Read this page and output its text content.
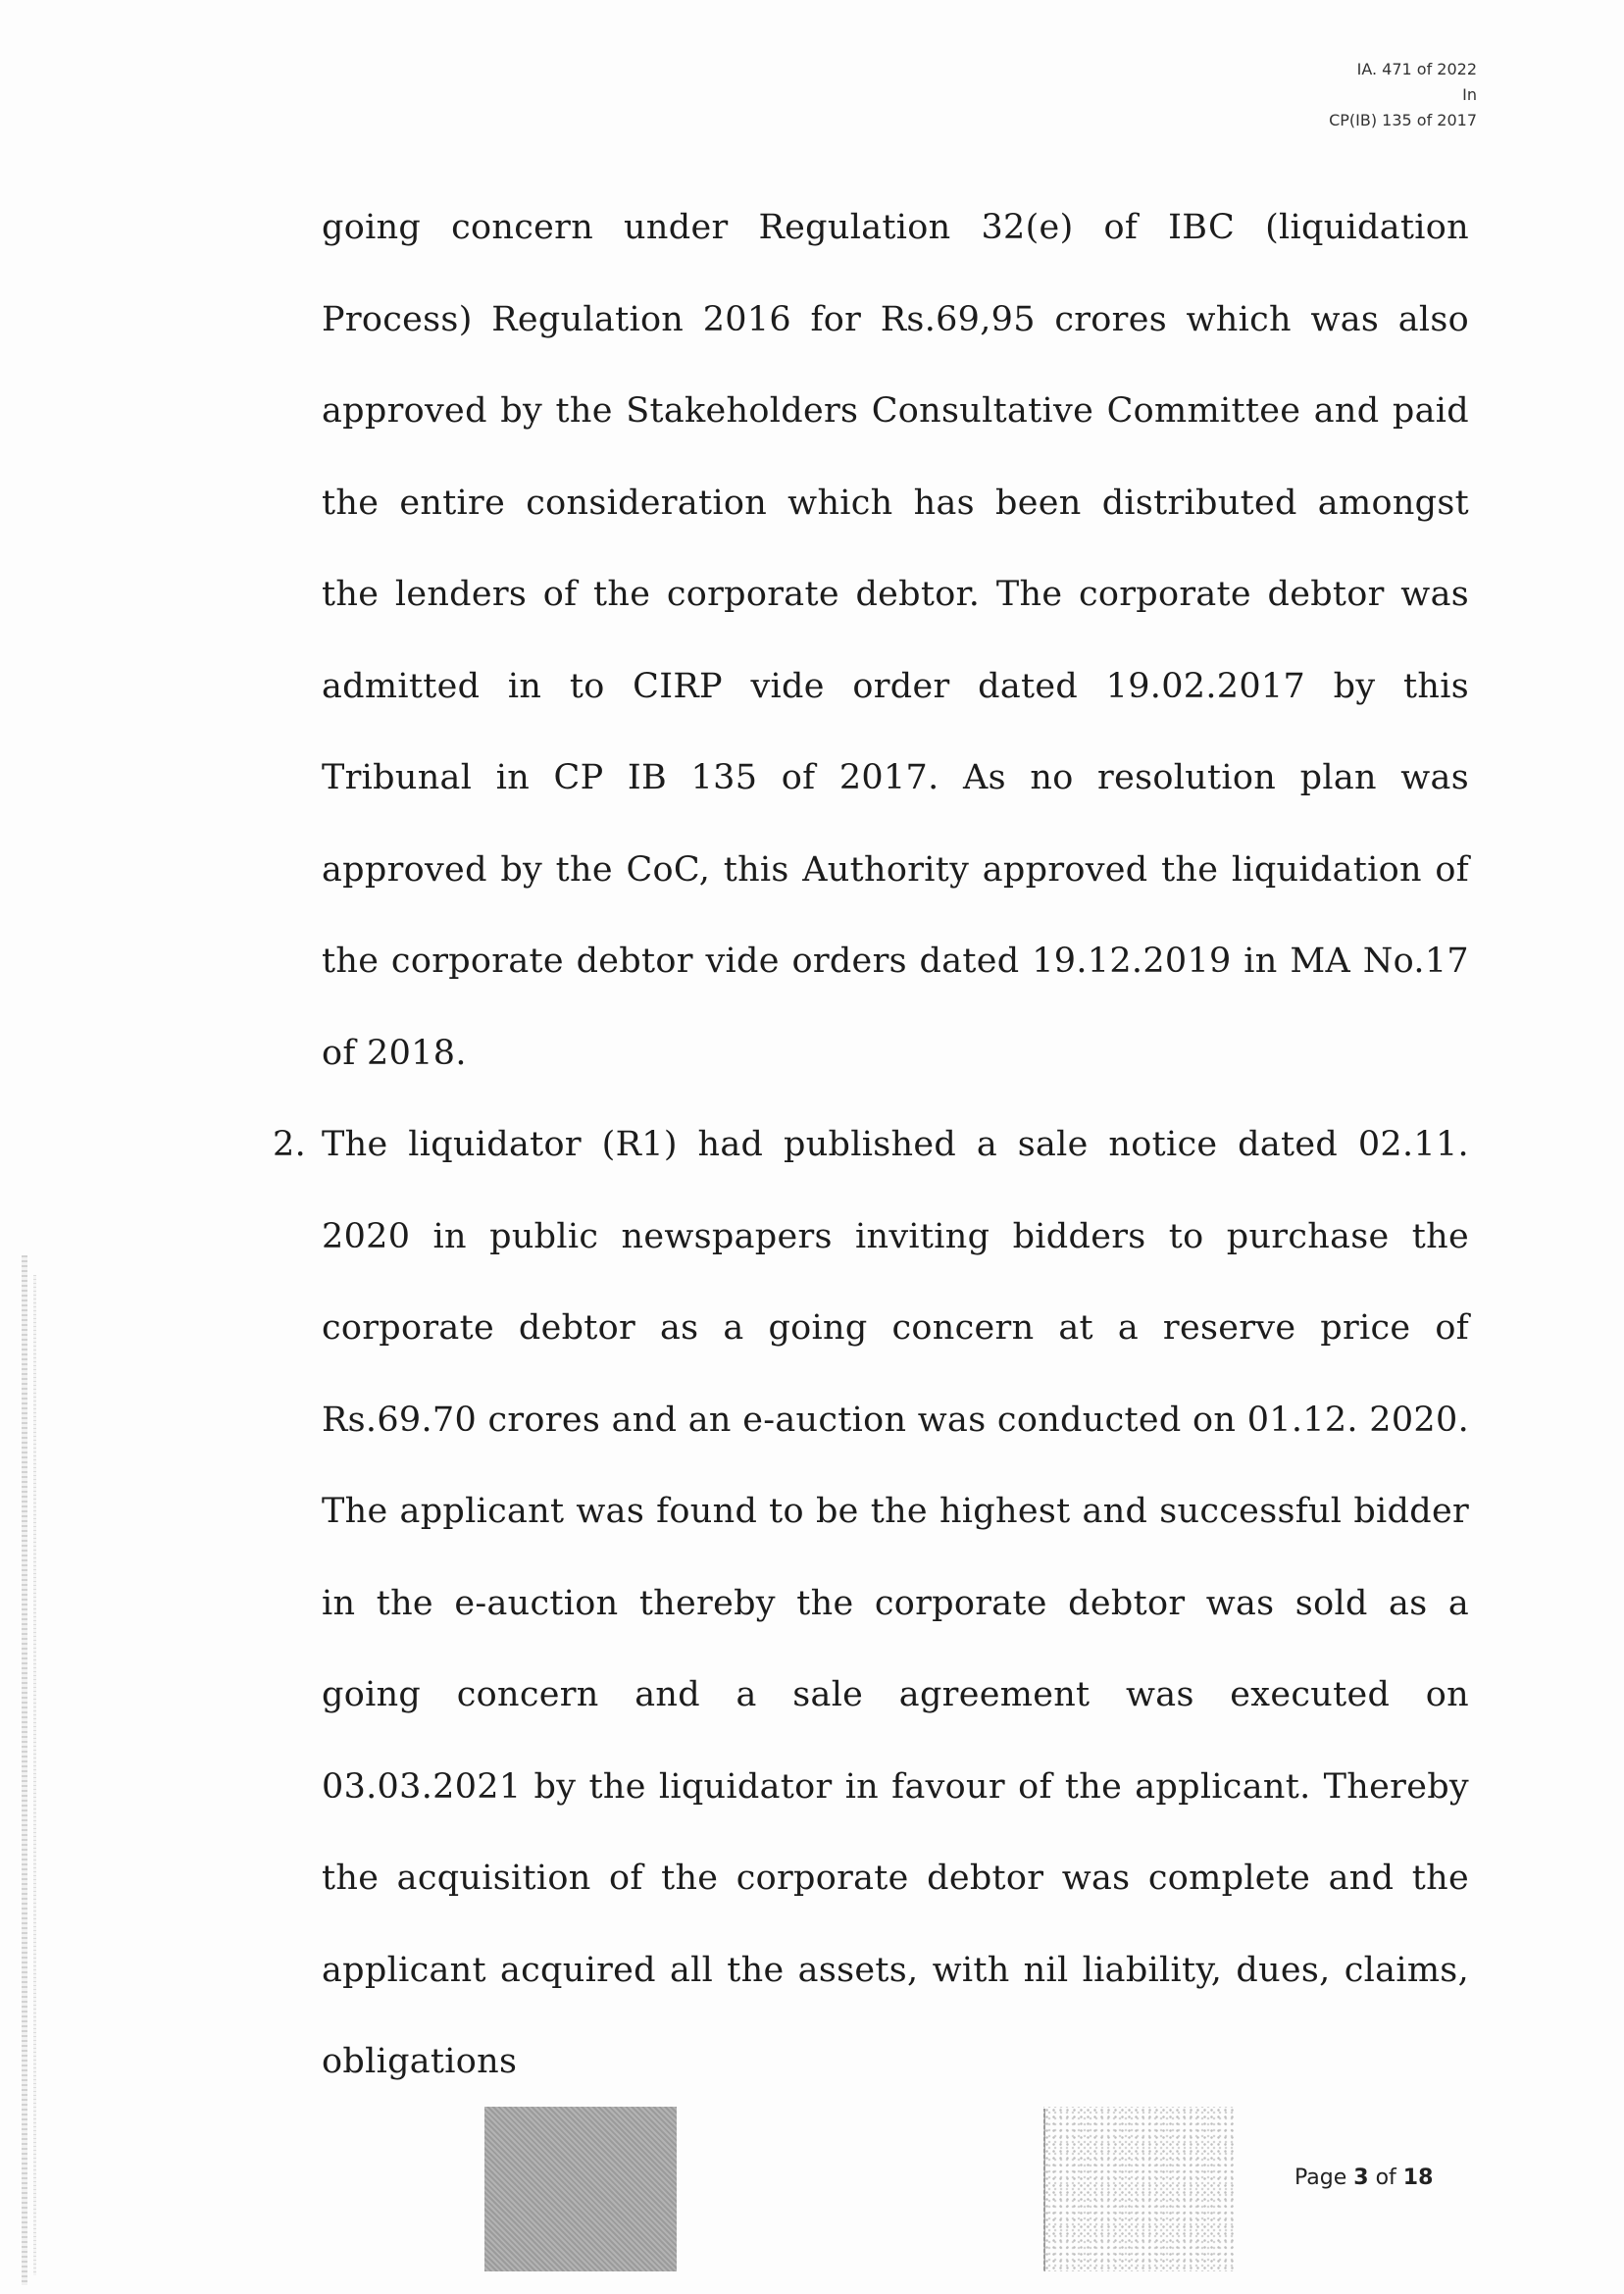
IA. 471 of 2022
In
CP(IB) 135 of 2017

going concern under Regulation 32(e) of IBC (liquidation Process) Regulation 2016 for Rs.69,95 crores which was also approved by the Stakeholders Consultative Committee and paid the entire consideration which has been distributed amongst the lenders of the corporate debtor. The corporate debtor was admitted in to CIRP vide order dated 19.02.2017 by this Tribunal in CP IB 135 of 2017. As no resolution plan was approved by the CoC, this Authority approved the liquidation of the corporate debtor vide orders dated 19.12.2019 in MA No.17 of 2018.

2. The liquidator (R1) had published a sale notice dated 02.11. 2020 in public newspapers inviting bidders to purchase the corporate debtor as a going concern at a reserve price of Rs.69.70 crores and an e-auction was conducted on 01.12. 2020. The applicant was found to be the highest and successful bidder in the e-auction thereby the corporate debtor was sold as a going concern and a sale agreement was executed on 03.03.2021 by the liquidator in favour of the applicant. Thereby the acquisition of the corporate debtor was complete and the applicant acquired all the assets, with nil liability, dues, claims, obligations

Page 3 of 18
